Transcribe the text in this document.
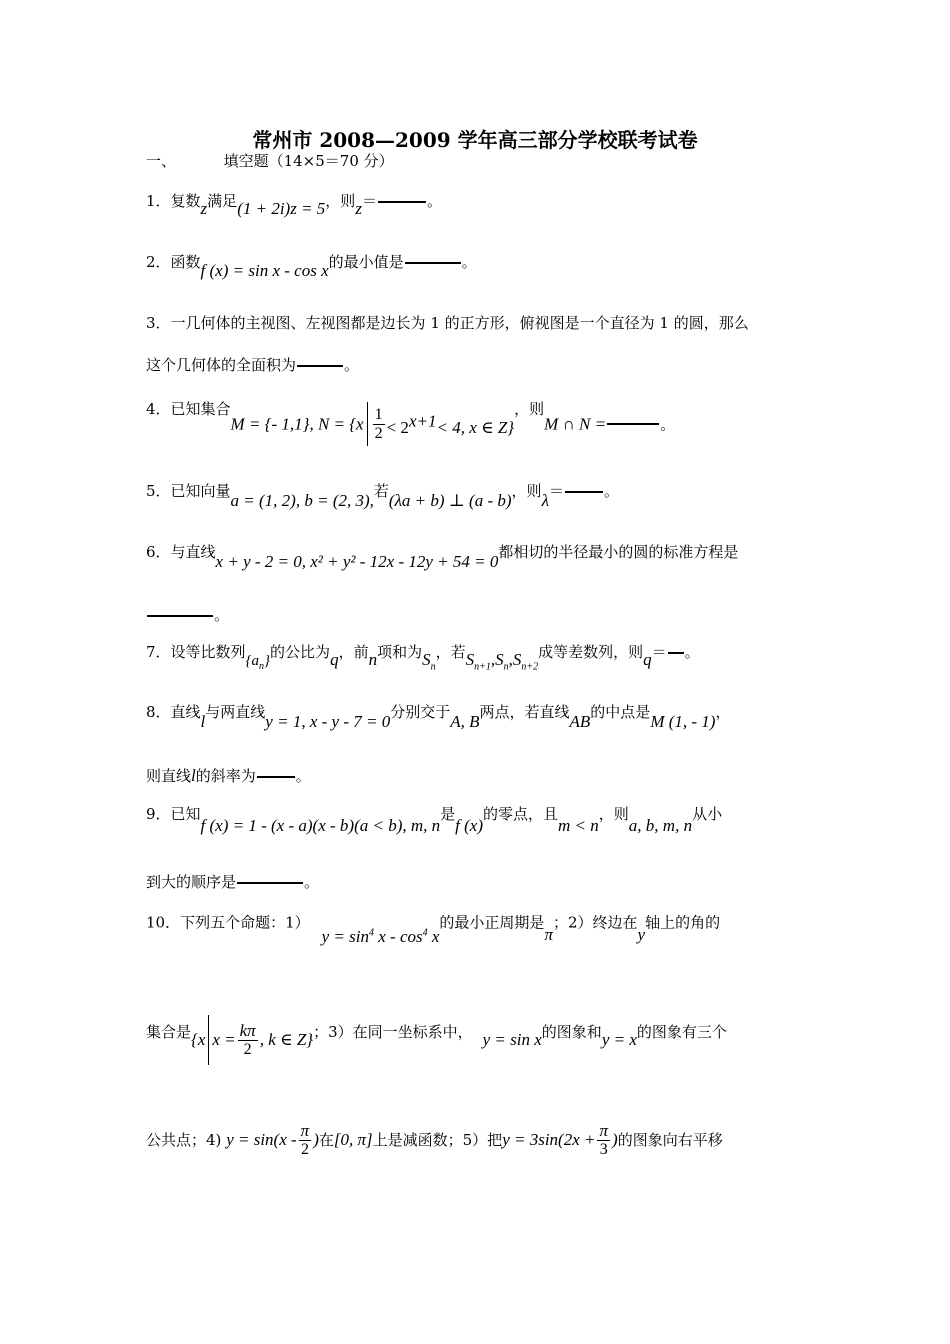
常州市 2008—2009 学年高三部分学校联考试卷
一、	填空题（14×5＝70 分）
1．复数z满足(1 + 2i)z = 5，则z＝	。
2．函数f (x) = sin x - cos x的最小值是	。
3．一几何体的主视图、左视图都是边长为 1 的正方形，俯视图是一个直径为 1 的圆，那么
这个几何体的全面积为	。
4．已知集合M = {- 1,1}, $N = \{x \frac{1}{2} < 2^{x+1}< 4$, x ∈ Z}，则M ∩ N =	。
5．已知向量a = (1, 2), b = (2, 3),若(λa + b) ⊥ (a - b)，则λ＝	。
6．与直线x + y - 2 = 0, x² + y² - 12x - 12y + 54 = 0都相切的半径最小的圆的标准方程是
。
7．设等比数列$\{a_n\}$的公比为q，前n项和为$S_n$，若$S_{n+1},S_n,S_{n+2}$成等差数列，则q＝ 。
8．直线l与两直线y = 1, x - y - 7 = 0分别交于A, B两点，若直线AB的中点是M (1, - 1)，
则直线l的斜率为	。
9．已知f (x) = 1 - (x - a)(x - b)(a < b), m, n是f (x)的零点，且m < n，则a, b, m, n从小
到大的顺序是	。
10．下列五个命题：$1)y = \sin^4 x - \cos^4 x$的最小正周期是π；2）终边在y轴上的角的
集合是{x $x = \frac{k\pi}{2}$ , k ∈ Z}；3）在同一坐标系中， y = sin x的图象和y = x的图象有三个
公共点；4) $y = \sin(x - \frac{\pi}{2}$ )在[0, π]上是减函数；5）把$y = 3\sin(2x + \frac{\pi}{3}$ )的图象向右平移
